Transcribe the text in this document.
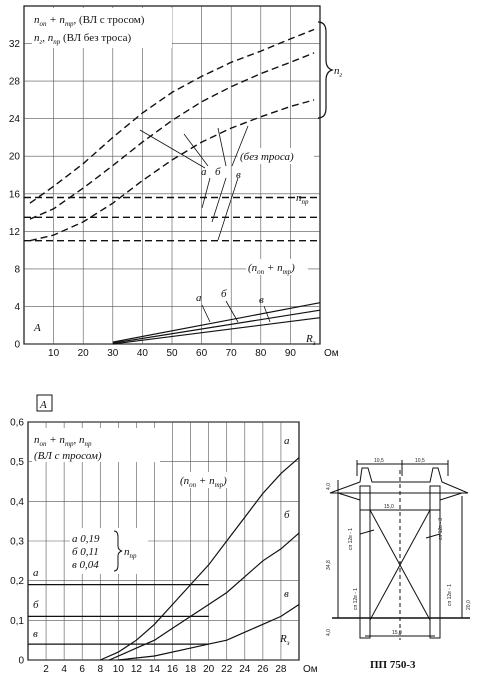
10 20 30 40 50 60 70 80 90	Ом
0
4
8
12
16
20
24
28
32
$n_{оп} + n_{тр}$, (ВЛ с тросом)
$n_г$, $n_{пр}$ (ВЛ без троса)
$n_г$
(без троса)
$n_{пр}$
$(n_{оп} + n_{тр})$
$R_з$
A
а б в
а б	в
2 4 6 8 10 12 14 16 18 20 22 24 26 28 Ом
0
0,1
0,2
0,3
0,4
0,5
0,6
A
$n_{оп} + n_{тр}$, $n_{пр}$
(ВЛ с тросом)
$(n_{оп} + n_{тр})$
а 0,19
б 0,11
в 0,04
$n_{пр}$
а
б
в
а
б
в
$R_з$
10,5	10,5
15,0
15,0
34,8
20,0
4,0
4,0
сп 12в - 1	сп 12в - 3
сп 12в - 1	сп 12в - 1
ПП 750-3
